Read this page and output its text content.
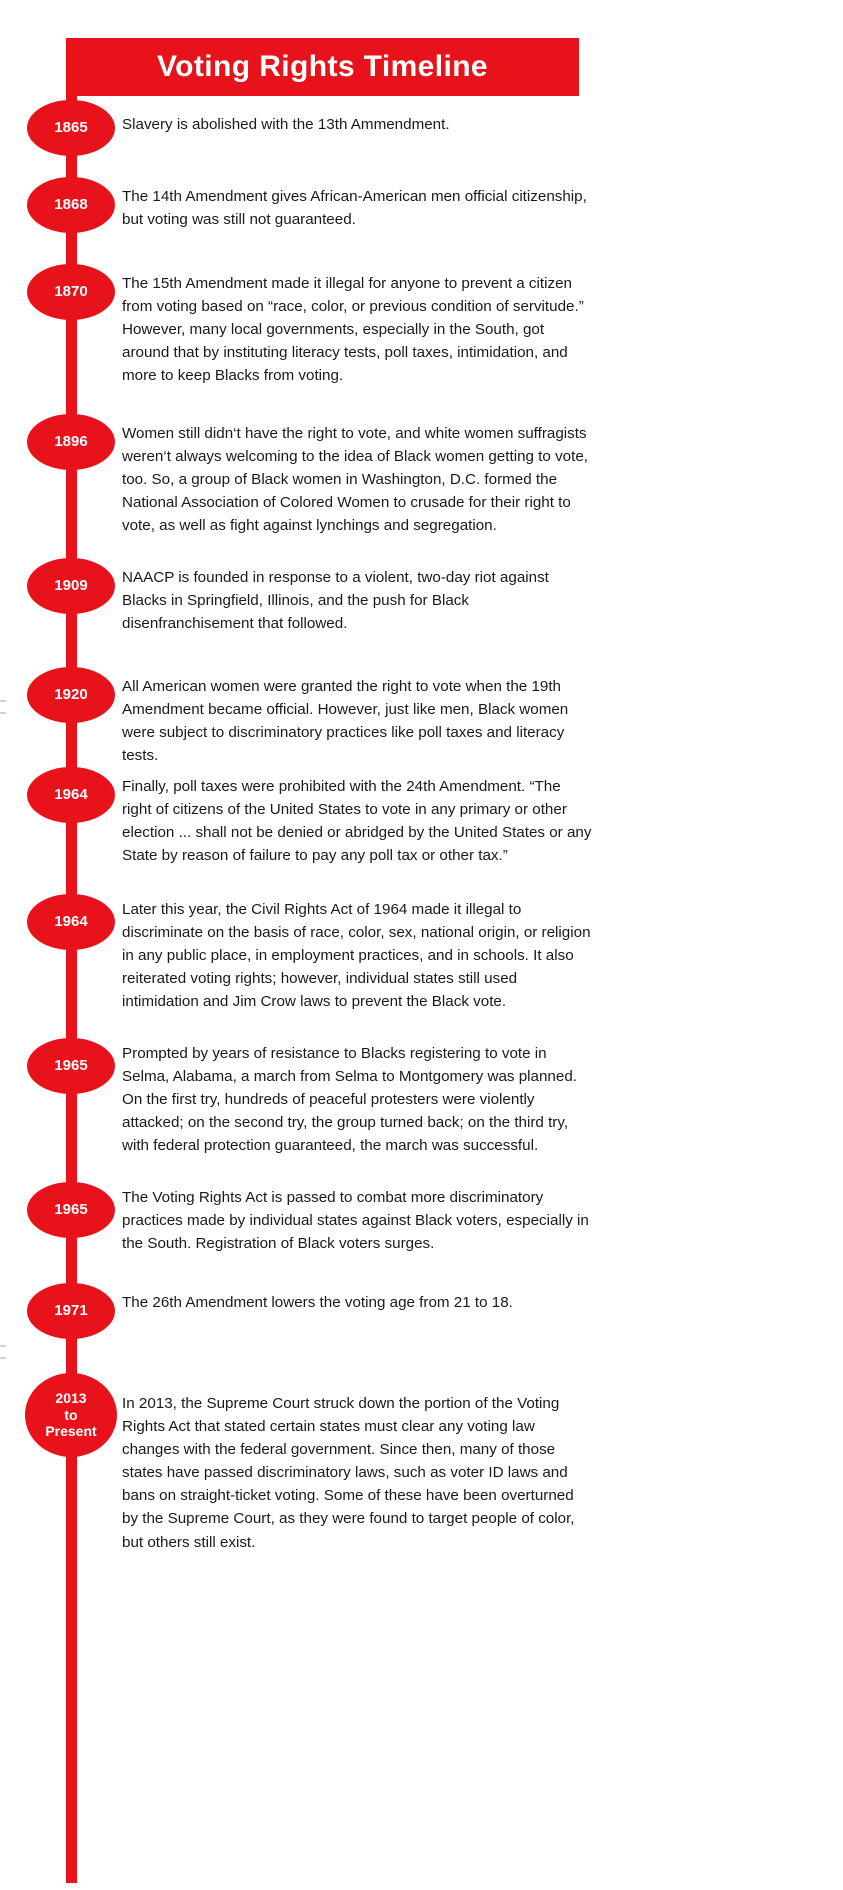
Voting Rights Timeline
1865 Slavery is abolished with the 13th Ammendment.
1868 The 14th Amendment gives African-American men official citizenship, but voting was still not guaranteed.
1870 The 15th Amendment made it illegal for anyone to prevent a citizen from voting based on “race, color, or previous condition of servitude.” However, many local governments, especially in the South, got around that by instituting literacy tests, poll taxes, intimidation, and more to keep Blacks from voting.
1896 Women still didn‘t have the right to vote, and white women suffragists weren‘t always welcoming to the idea of Black women getting to vote, too. So, a group of Black women in Washington, D.C. formed the National Association of Colored Women to crusade for their right to vote, as well as fight against lynchings and segregation.
1909 NAACP is founded in response to a violent, two-day riot against Blacks in Springfield, Illinois, and the push for Black disenfranchisement that followed.
1920 All American women were granted the right to vote when the 19th Amendment became official. However, just like men, Black women were subject to discriminatory practices like poll taxes and literacy tests.
1964 Finally, poll taxes were prohibited with the 24th Amendment. “The right of citizens of the United States to vote in any primary or other election ... shall not be denied or abridged by the United States or any State by reason of failure to pay any poll tax or other tax.”
1964
Later this year, the Civil Rights Act of 1964 made it illegal to discriminate on the basis of race, color, sex, national origin, or religion in any public place, in employment practices, and in schools. It also reiterated voting rights; however, individual states still used intimidation and Jim Crow laws to prevent the Black vote.
1965
Prompted by years of resistance to Blacks registering to vote in Selma, Alabama, a march from Selma to Montgomery was planned. On the first try, hundreds of peaceful protesters were violently attacked; on the second try, the group turned back; on the third try, with federal protection guaranteed, the march was successful.
1965
The Voting Rights Act is passed to combat more discriminatory practices made by individual states against Black voters, especially in the South. Registration of Black voters surges.
1971 The 26th Amendment lowers the voting age from 21 to 18.
2013
to
Present
In 2013, the Supreme Court struck down the portion of the Voting Rights Act that stated certain states must clear any voting law changes with the federal government. Since then, many of those states have passed discriminatory laws, such as voter ID laws and bans on straight-ticket voting. Some of these have been overturned by the Supreme Court, as they were found to target people of color, but others still exist.
